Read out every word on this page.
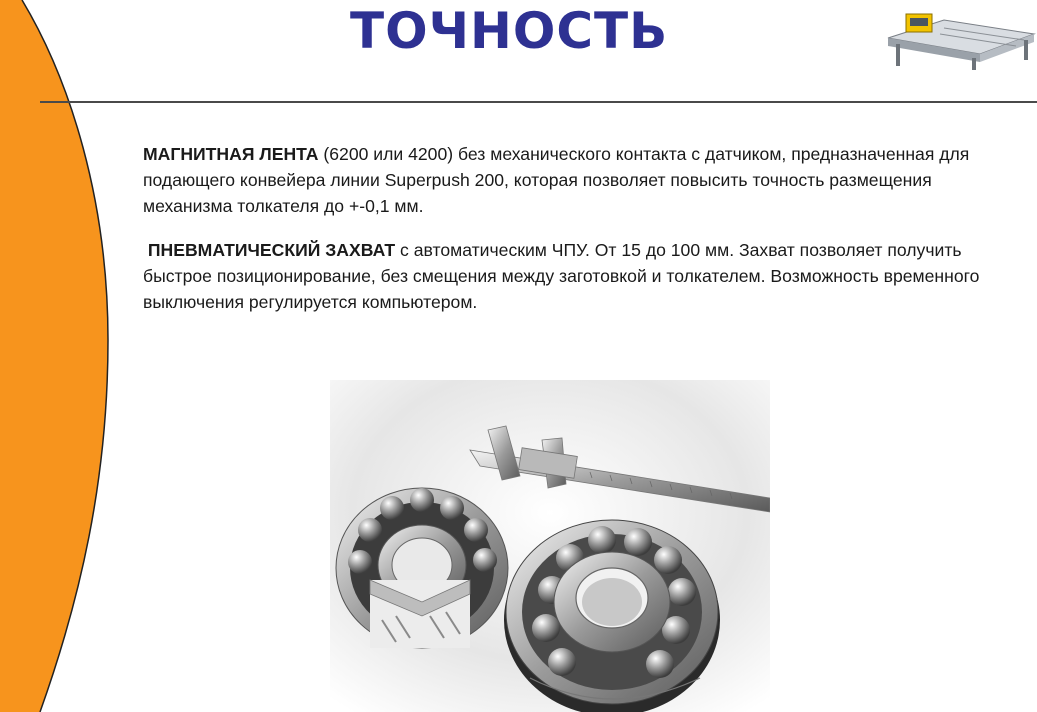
ТОЧНОСТЬ

МАГНИТНАЯ ЛЕНТА (6200 или 4200) без механического контакта с датчиком, предназначенная для подающего конвейера линии Superpush 200, которая позволяет повысить точность размещения механизма толкателя до +-0,1 мм.

ПНЕВМАТИЧЕСКИЙ ЗАХВАТ с автоматическим ЧПУ. От 15 до 100 мм. Захват позволяет получить быстрое позиционирование, без смещения между заготовкой и толкателем. Возможность временного выключения регулируется компьютером.
